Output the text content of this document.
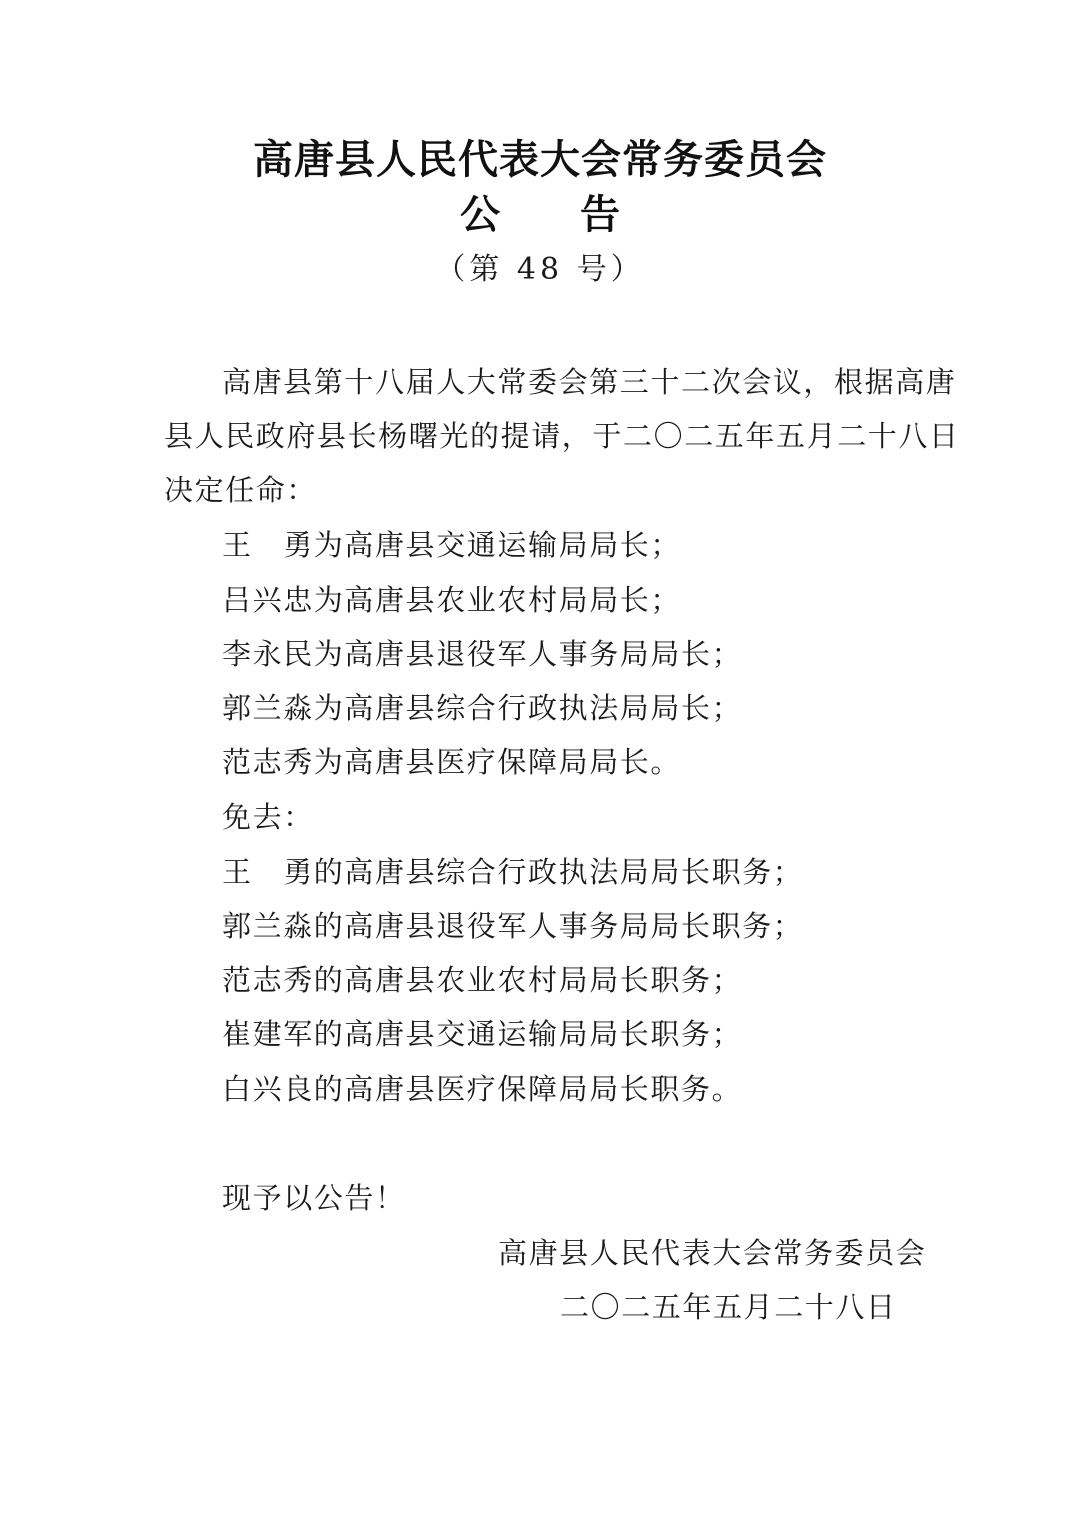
高唐县人民代表大会常务委员会
公告
（第 48 号）
高唐县第十八届人大常委会第三十二次会议，根据高唐
县人民政府县长杨曙光的提请，于二〇二五年五月二十八日
决定任命：
王　勇为高唐县交通运输局局长；
吕兴忠为高唐县农业农村局局长；
李永民为高唐县退役军人事务局局长；
郭兰淼为高唐县综合行政执法局局长；
范志秀为高唐县医疗保障局局长。
免去：
王　勇的高唐县综合行政执法局局长职务；
郭兰淼的高唐县退役军人事务局局长职务；
范志秀的高唐县农业农村局局长职务；
崔建军的高唐县交通运输局局长职务；
白兴良的高唐县医疗保障局局长职务。
现予以公告！
高唐县人民代表大会常务委员会
二〇二五年五月二十八日
